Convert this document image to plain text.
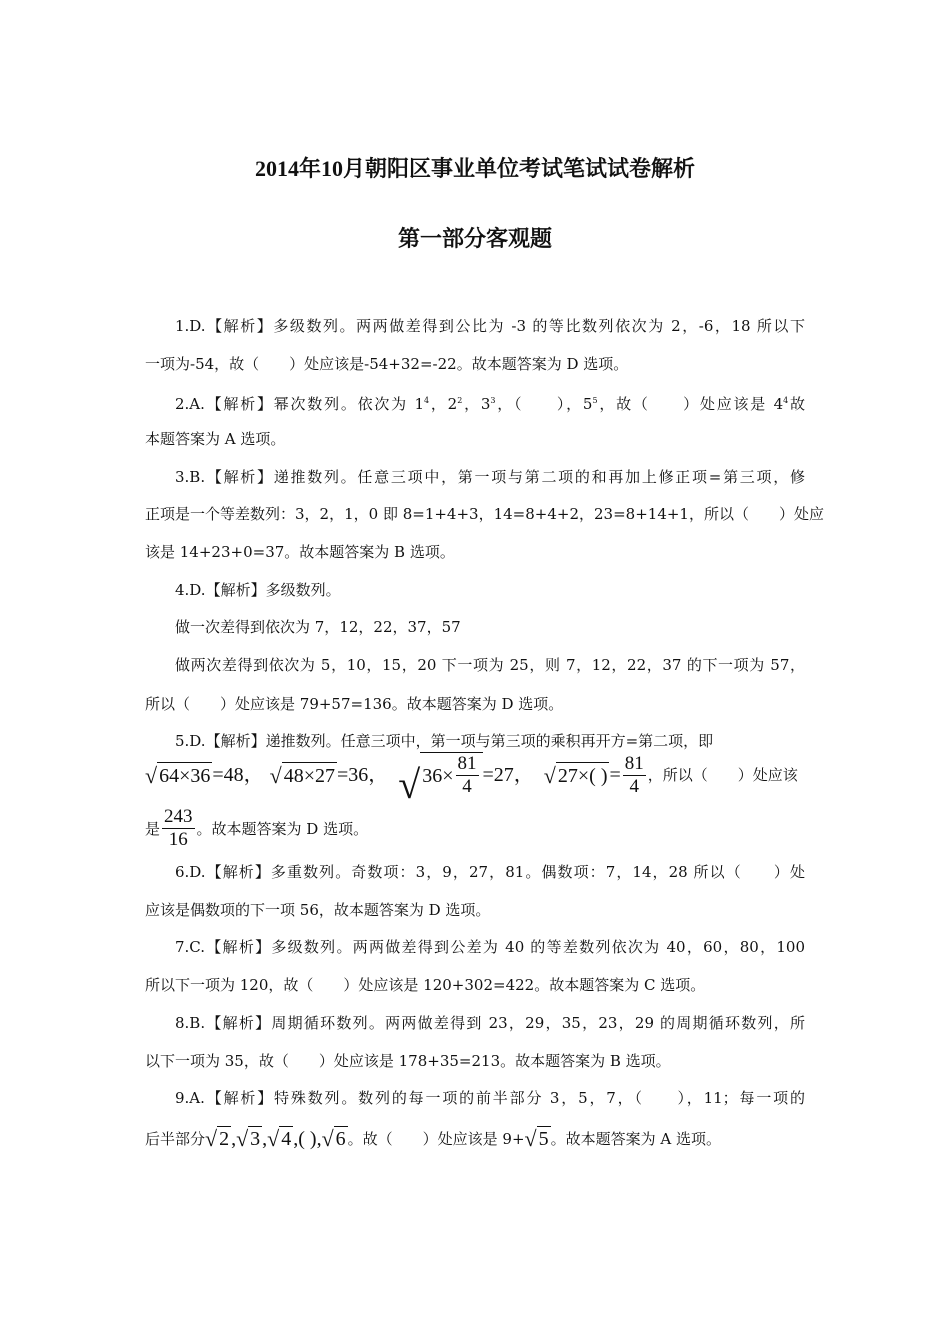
2014年10月朝阳区事业单位考试笔试试卷解析
第一部分客观题
1.D.【解析】多级数列。两两做差得到公比为 -3 的等比数列依次为 2，-6，18 所以下
一项为-54，故（　　）处应该是-54+32=-22。故本题答案为 D 选项。
2.A.【解析】幂次数列。依次为 $1^4$，$2^2$，$3^3$，（　　），$5^5$，故（　　）处应该是 $4^4$故
本题答案为 A 选项。
3.B.【解析】递推数列。任意三项中，第一项与第二项的和再加上修正项=第三项，修
正项是一个等差数列：3，2，1，0 即 8=1+4+3，14=8+4+2，23=8+14+1，所以（　　）处应
该是 14+23+0=37。故本题答案为 B 选项。
4.D.【解析】多级数列。
做一次差得到依次为 7，12，22，37，57
做两次差得到依次为 5，10，15，20 下一项为 25，则 7，12，22，37 的下一项为 57，
所以（　　）处应该是 79+57=136。故本题答案为 D 选项。
5.D.【解析】递推数列。任意三项中，第一项与第三项的乘积再开方=第二项，即
√ 64×36 =48， √ 48×27 =36， √ $36\times \frac{81}{4} =27$， √ 27×( ) = $\frac{81}{4}$ ，所以（　　）处应该
是 $\frac{243}{16}$ 。故本题答案为 D 选项。
6.D.【解析】多重数列。奇数项：3，9，27，81。偶数项：7，14，28 所以（　　）处
应该是偶数项的下一项 56，故本题答案为 D 选项。
7.C.【解析】多级数列。两两做差得到公差为 40 的等差数列依次为 40，60，80，100
所以下一项为 120，故（　　）处应该是 120+302=422。故本题答案为 C 选项。
8.B.【解析】周期循环数列。两两做差得到 23，29，35，23，29 的周期循环数列，所
以下一项为 35，故（　　）处应该是 178+35=213。故本题答案为 B 选项。
9.A.【解析】特殊数列。数列的每一项的前半部分 3，5，7，（　　），11；每一项的
后半部分 √ 2 , √ 3 , √ 4 , ( ) , √ 6 。故（　　）处应该是 9+ √ 5 。故本题答案为 A 选项。
